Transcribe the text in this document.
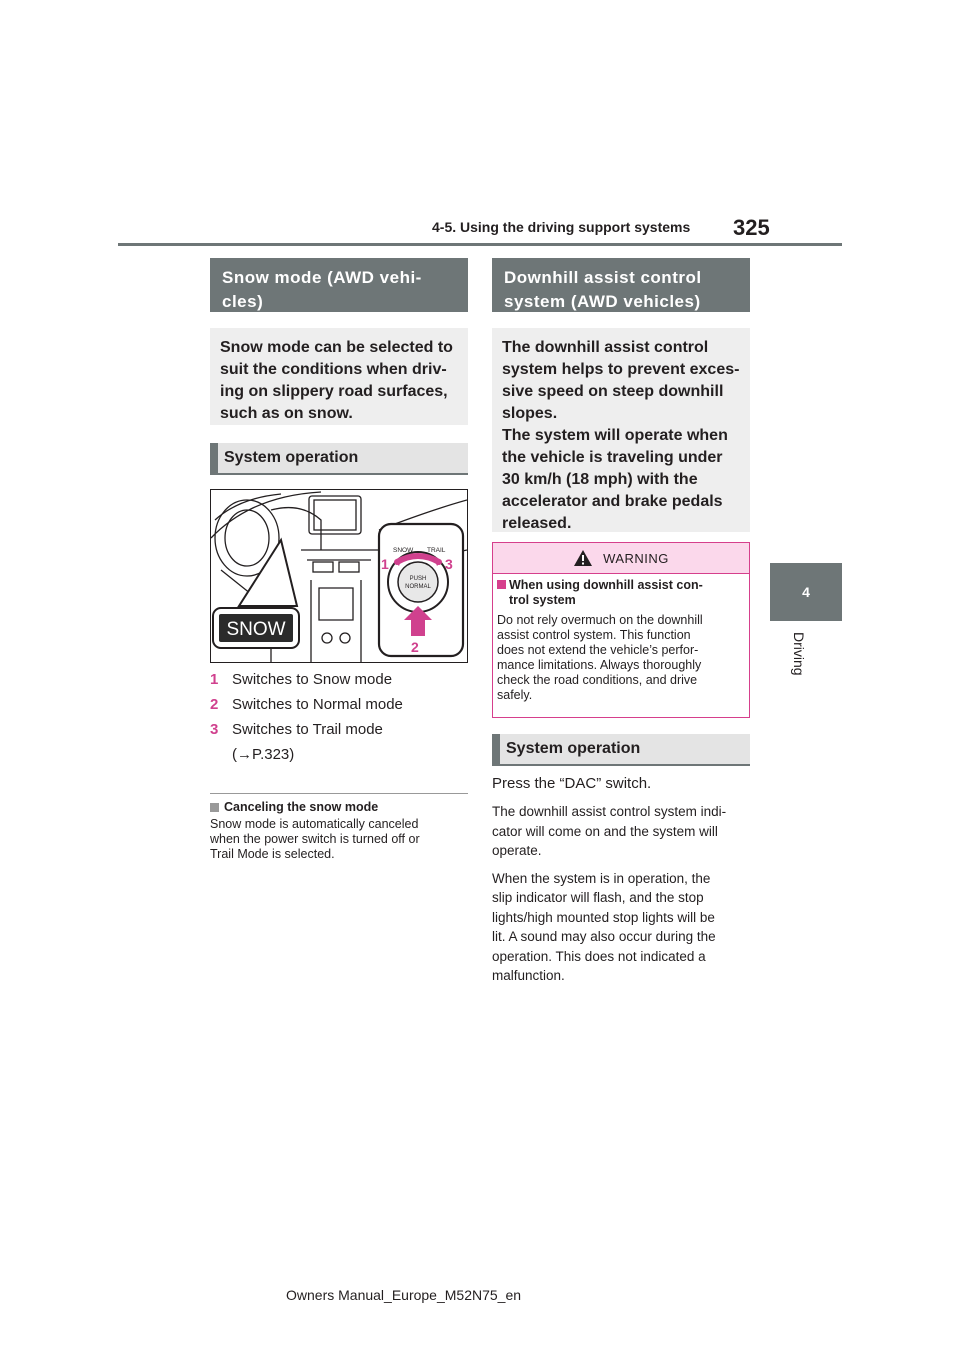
4-5. Using the driving support systems 325
4
Driving
Snow mode (AWD vehi-
cles)
Snow mode can be selected to
suit the conditions when driv-
ing on slippery road surfaces,
such as on snow.
System operation
SNOW
SNOW TRAIL
PUSH
NORMAL
1	3
2
1 Switches to Snow mode
2 Switches to Normal mode
3 Switches to Trail mode
(→P.323)
Canceling the snow mode
Snow mode is automatically canceled
when the power switch is turned off or
Trail Mode is selected.
Downhill assist control
system (AWD vehicles)
The downhill assist control
system helps to prevent exces-
sive speed on steep downhill
slopes.
The system will operate when
the vehicle is traveling under
30 km/h (18 mph) with the
accelerator and brake pedals
released.
WARNING
When using downhill assist con-
trol system
Do not rely overmuch on the downhill
assist control system. This function
does not extend the vehicle’s perfor-
mance limitations. Always thoroughly
check the road conditions, and drive
safely.
System operation
Press the “DAC” switch.
The downhill assist control system indi-
cator will come on and the system will
operate.
When the system is in operation, the
slip indicator will flash, and the stop
lights/high mounted stop lights will be
lit. A sound may also occur during the
operation. This does not indicated a
malfunction.
Owners Manual_Europe_M52N75_en
